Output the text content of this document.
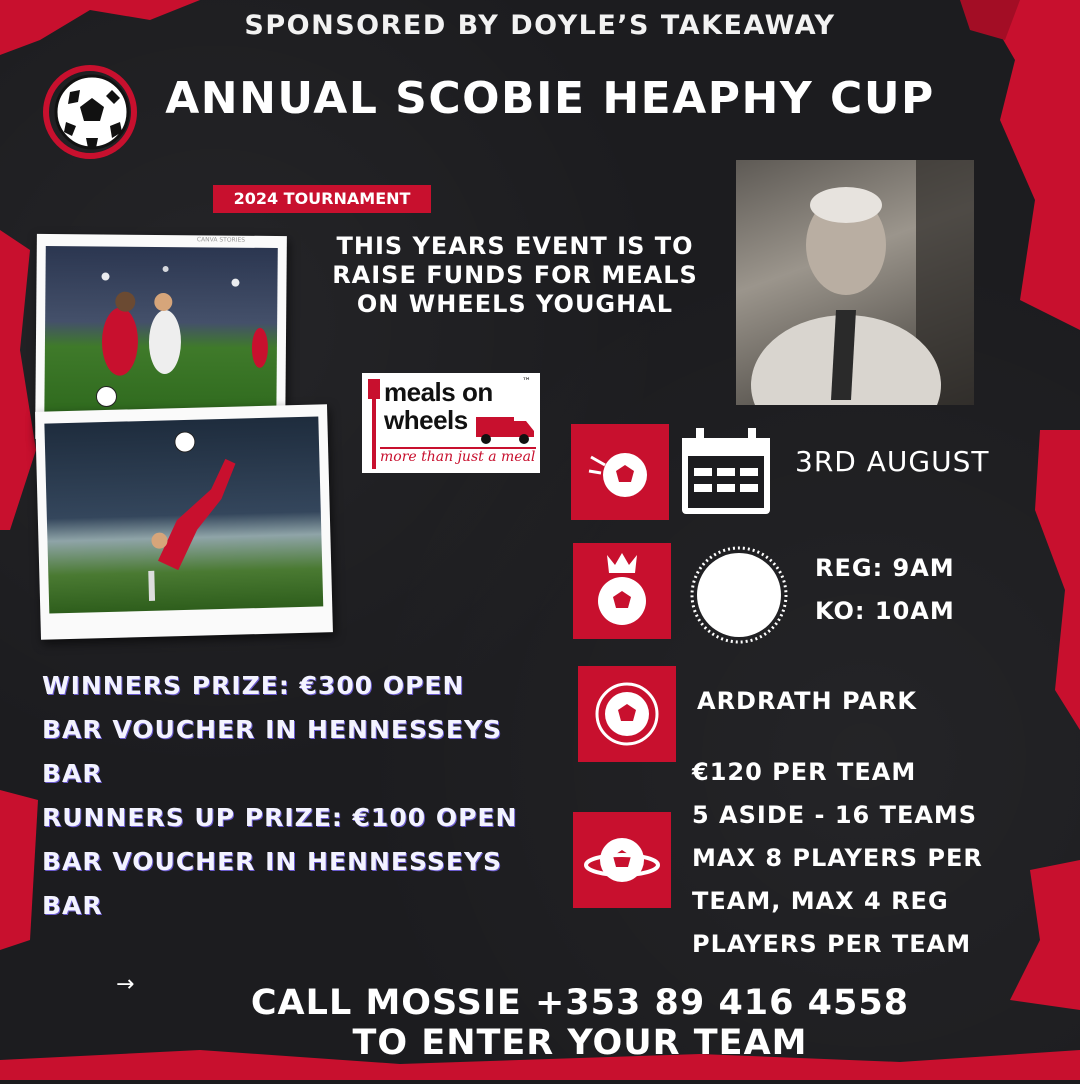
SPONSORED BY DOYLE’S TAKEAWAY
ANNUAL SCOBIE HEAPHY CUP
2024 TOURNAMENT
THIS YEARS EVENT IS TO RAISE FUNDS FOR MEALS ON WHEELS YOUGHAL
CANVA STORIES
meals on	™
wheels
more than just a meal	3RD AUGUST
REG: 9AM
KO: 10AM
ARDRATH PARK
€120 PER TEAM
5 ASIDE - 16 TEAMS
MAX 8 PLAYERS PER
TEAM, MAX 4 REG
PLAYERS PER TEAM
WINNERS PRIZE: €300 OPEN
BAR VOUCHER IN HENNESSEYS
BAR
RUNNERS UP PRIZE: €100 OPEN
BAR VOUCHER IN HENNESSEYS
BAR
→	CALL MOSSIE +353 89 416 4558
TO ENTER YOUR TEAM
